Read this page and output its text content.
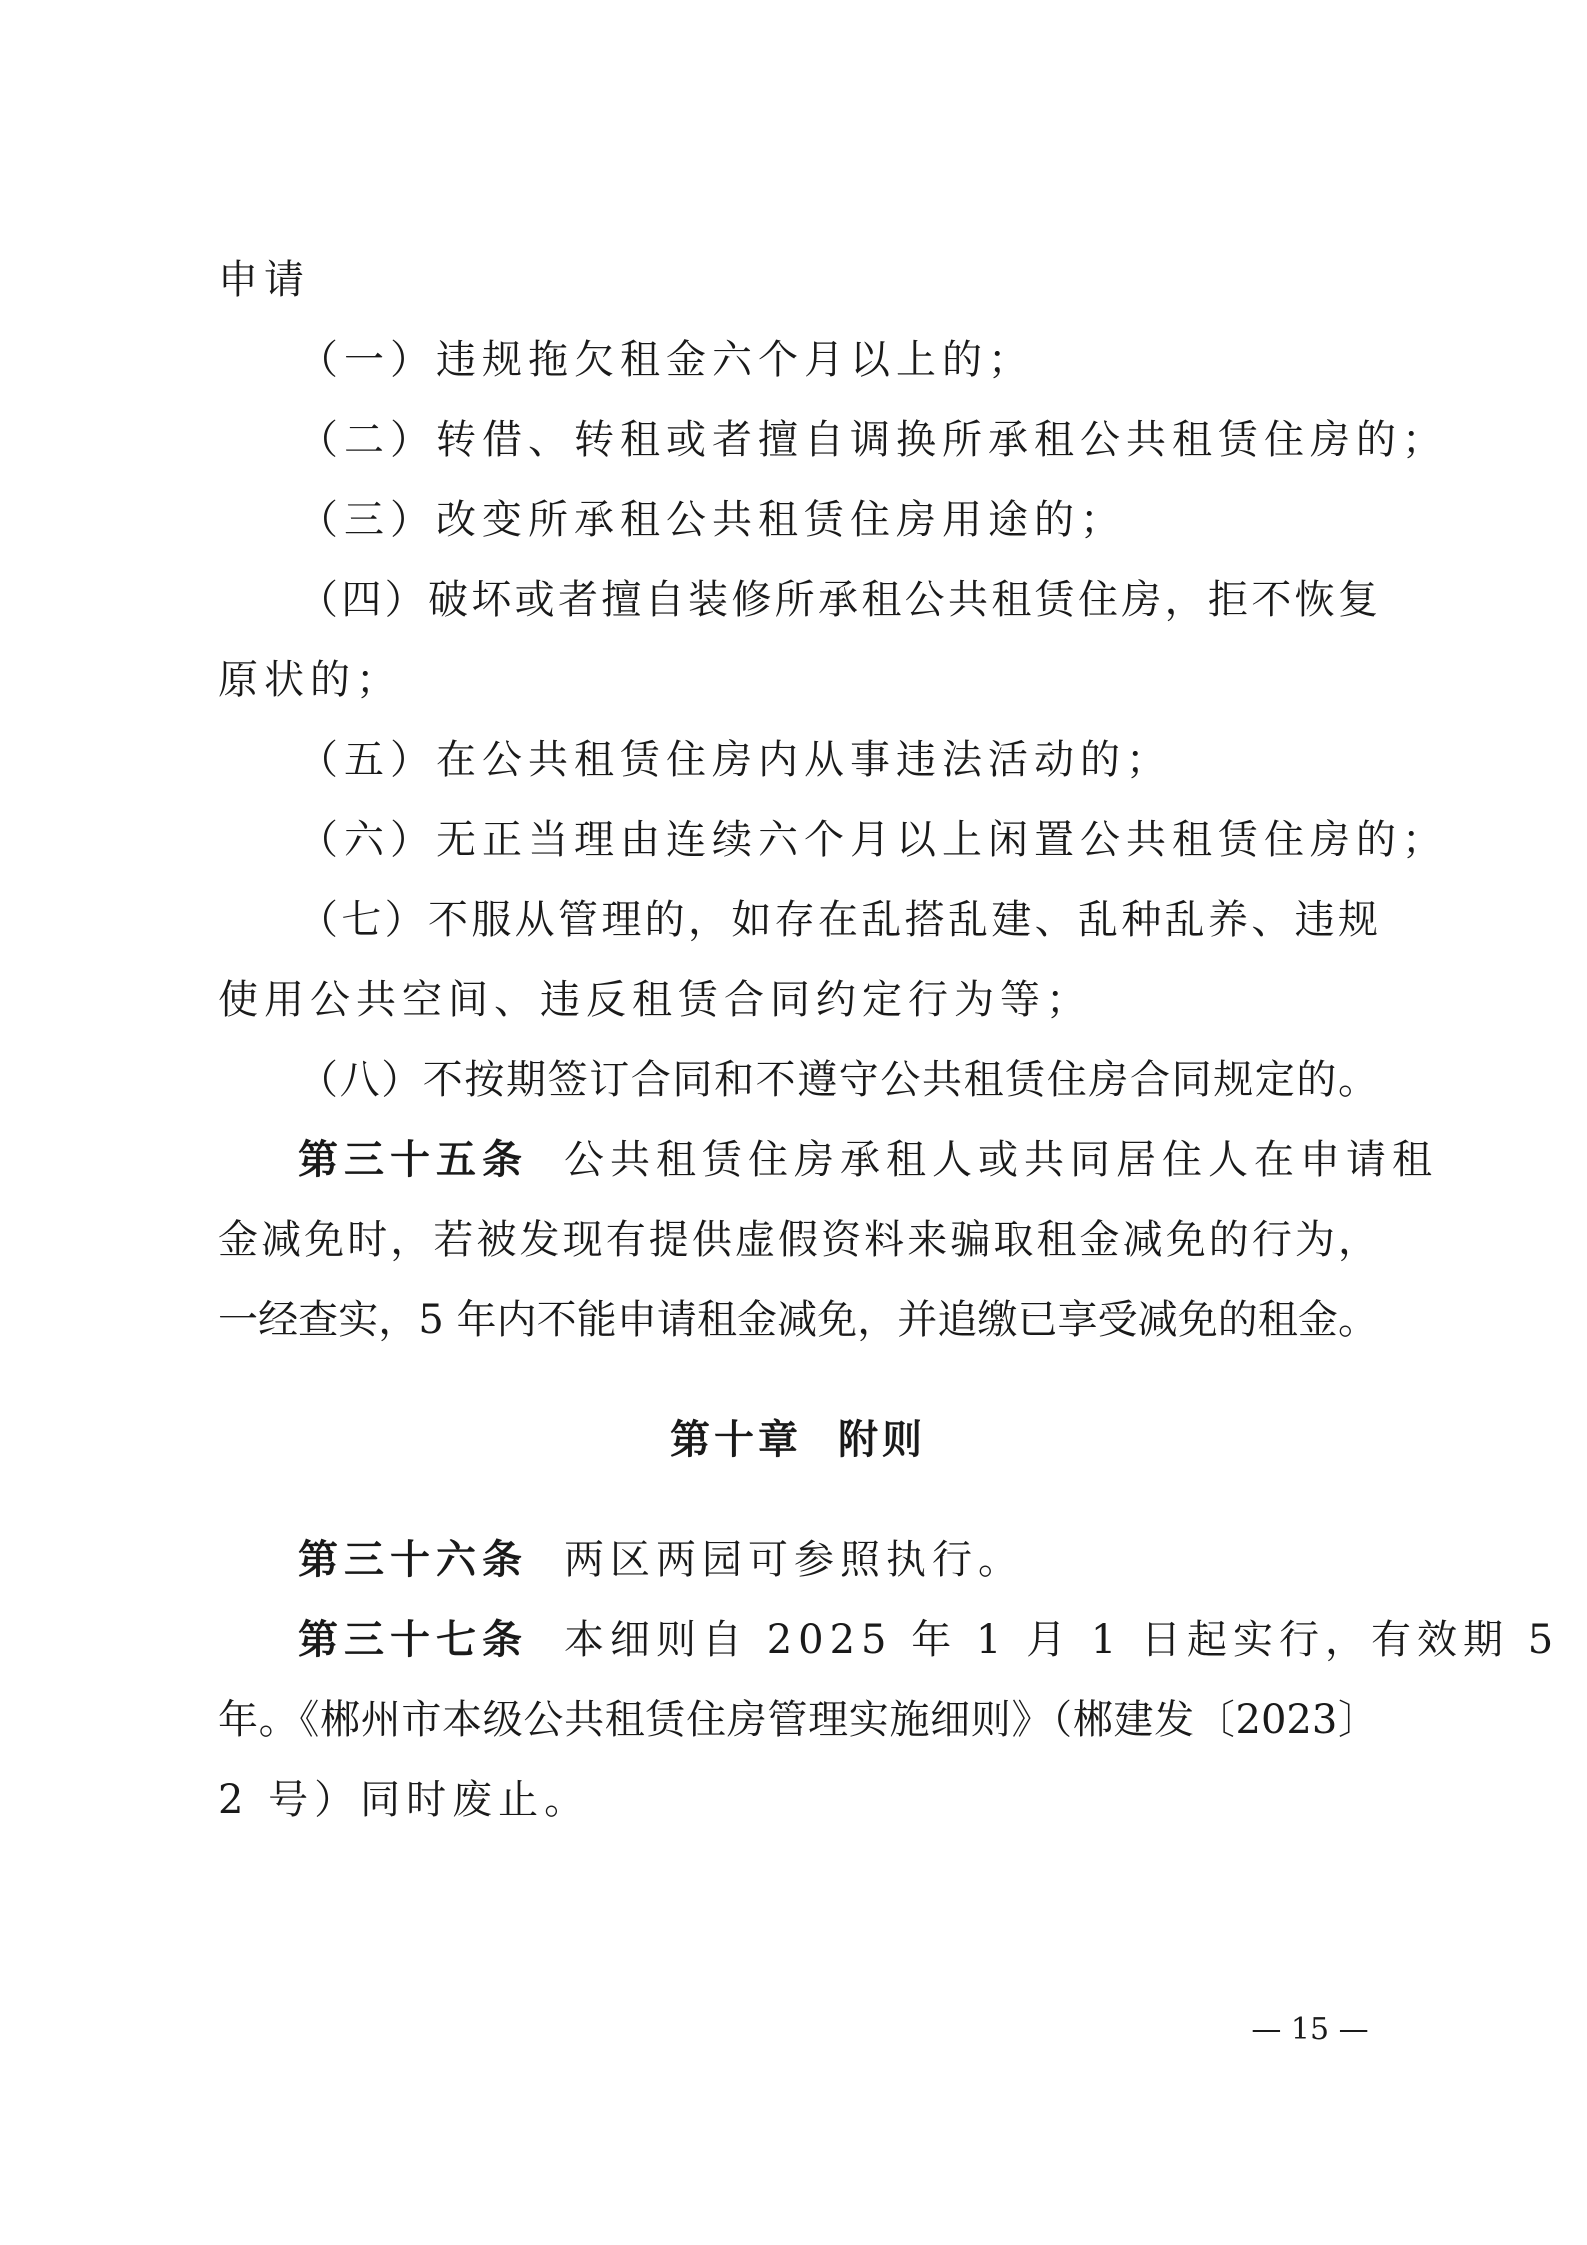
申请
（一）违规拖欠租金六个月以上的；
（二）转借、转租或者擅自调换所承租公共租赁住房的；
（三）改变所承租公共租赁住房用途的；
（四）破坏或者擅自装修所承租公共租赁住房，拒不恢复
原状的；
（五）在公共租赁住房内从事违法活动的；
（六）无正当理由连续六个月以上闲置公共租赁住房的；
（七）不服从管理的，如存在乱搭乱建、乱种乱养、违规
使用公共空间、违反租赁合同约定行为等；
（八）不按期签订合同和不遵守公共租赁住房合同规定的。
第三十五条 公共租赁住房承租人或共同居住人在申请租
金减免时，若被发现有提供虚假资料来骗取租金减免的行为，
一经查实，5 年内不能申请租金减免，并追缴已享受减免的租金。
第十章 附则
第三十六条 两区两园可参照执行。
第三十七条 本细则自 2025 年 1 月 1 日起实行，有效期 5
年。《郴州市本级公共租赁住房管理实施细则》（郴建发〔2023〕
2 号）同时废止。
— 15 —
